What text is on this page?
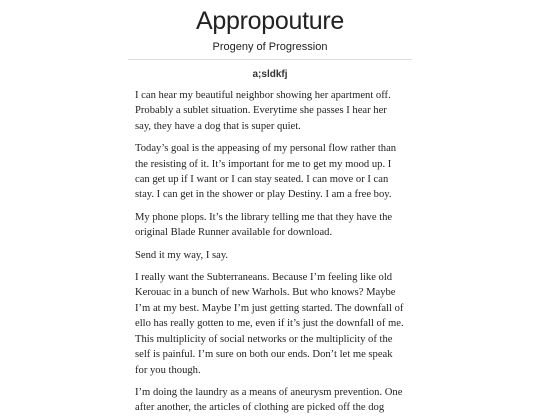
Appropouture

Progeny of Progression

a;sldkfj

I can hear my beautiful neighbor showing her apartment off. Probably a sublet situation. Everytime she passes I hear her say, they have a dog that is super quiet.

Today’s goal is the appeasing of my personal flow rather than the resisting of it. It’s important for me to get my mood up. I can get up if I want or I can stay seated. I can move or I can stay. I can get in the shower or play Destiny. I am a free boy.

My phone plops. It’s the library telling me that they have the original Blade Runner available for download.

Send it my way, I say.

I really want the Subterraneans. Because I’m feeling like old Kerouac in a bunch of new Warhols. But who knows? Maybe I’m at my best. Maybe I’m just getting started. The downfall of ello has really gotten to me, even if it’s just the downfall of me. This multiplicity of social networks or the multiplicity of the self is painful. I’m sure on both our ends. Don’t let me speak for you though.

I’m doing the laundry as a means of aneurysm prevention. One after another, the articles of clothing are picked off the dog
